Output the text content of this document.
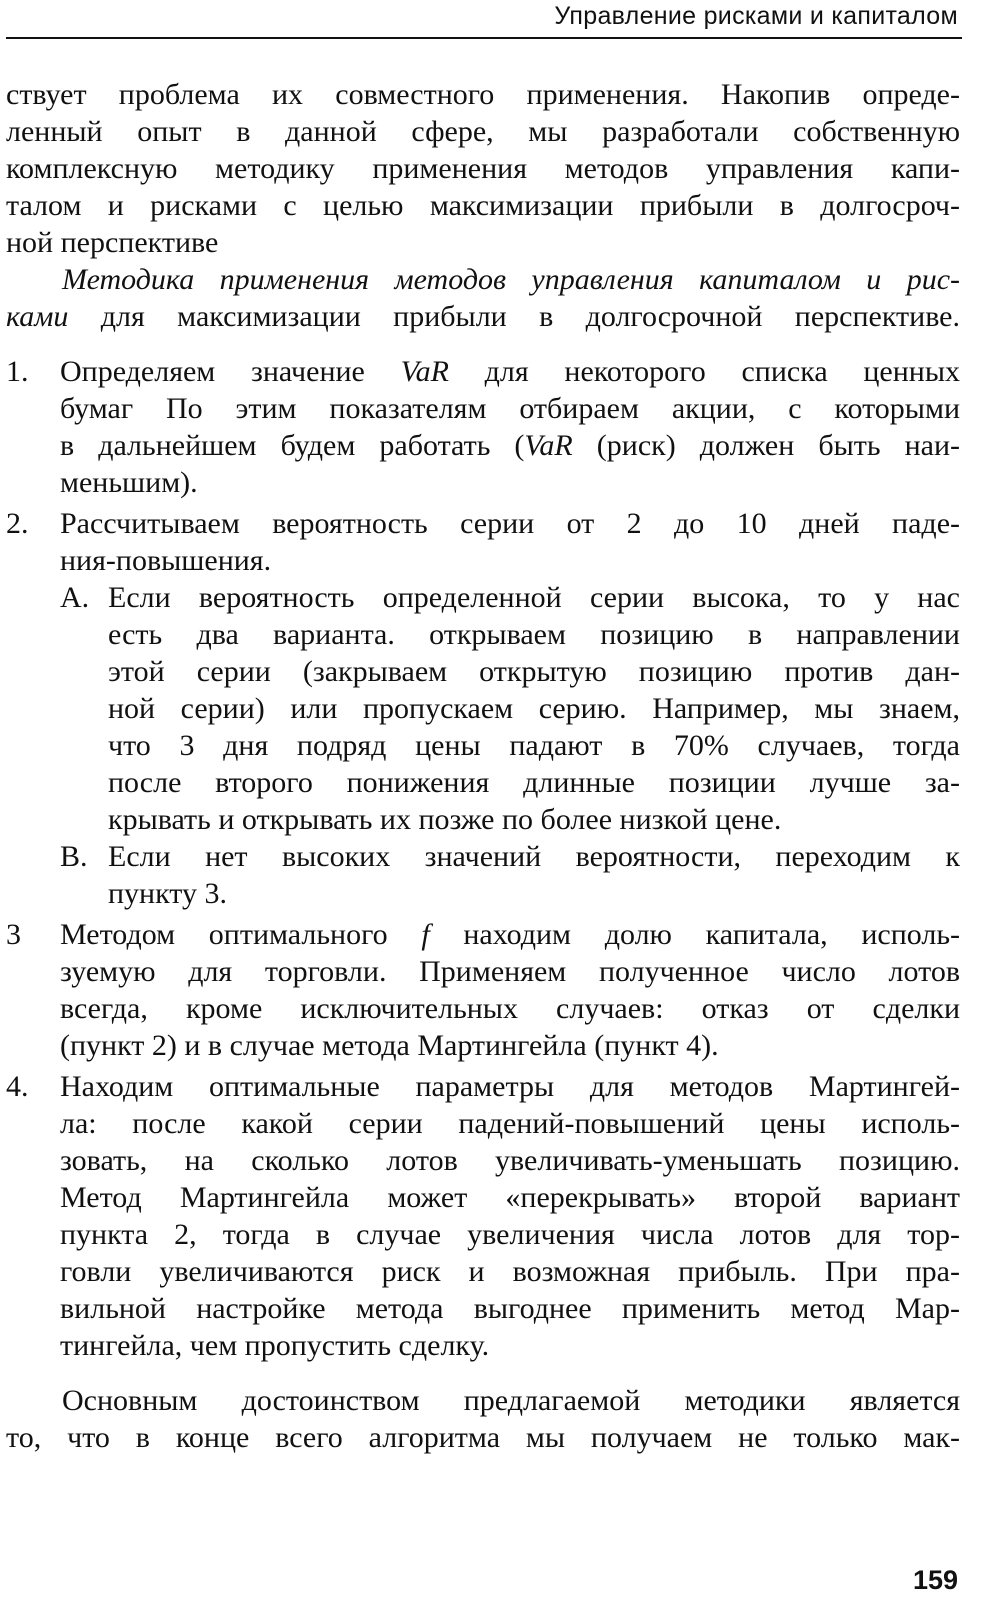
Управление рисками и капиталом
ствует проблема их совместного применения. Накопив опреде-
ленный опыт в данной сфере, мы разработали собственную
комплексную методику применения методов управления капи-
талом и рисками с целью максимизации прибыли в долгосроч-
ной перспективе
Методика применения методов управления капиталом и рис-
ками для максимизации прибыли в долгосрочной перспективе.
1. Определяем значение VaR для некоторого списка ценных
бумаг По этим показателям отбираем акции, с которыми
в дальнейшем будем работать (VaR (риск) должен быть наи-
меньшим).
2. Рассчитываем вероятность серии от 2 до 10 дней паде-
ния-повышения.
А. Если вероятность определенной серии высока, то у нас
есть два варианта. открываем позицию в направлении
этой серии (закрываем открытую позицию против дан-
ной серии) или пропускаем серию. Например, мы знаем,
что 3 дня подряд цены падают в 70% случаев, тогда
после второго понижения длинные позиции лучше за-
крывать и открывать их позже по более низкой цене.
В. Если нет высоких значений вероятности, переходим к
пункту 3.
3 Методом оптимального f находим долю капитала, исполь-
зуемую для торговли. Применяем полученное число лотов
всегда, кроме исключительных случаев: отказ от сделки
(пункт 2) и в случае метода Мартингейла (пункт 4).
4. Находим оптимальные параметры для методов Мартингей-
ла: после какой серии падений-повышений цены исполь-
зовать, на сколько лотов увеличивать-уменьшать позицию.
Метод Мартингейла может «перекрывать» второй вариант
пункта 2, тогда в случае увеличения числа лотов для тор-
говли увеличиваются риск и возможная прибыль. При пра-
вильной настройке метода выгоднее применить метод Мар-
тингейла, чем пропустить сделку.
Основным достоинством предлагаемой методики является
то, что в конце всего алгоритма мы получаем не только мак-
159
